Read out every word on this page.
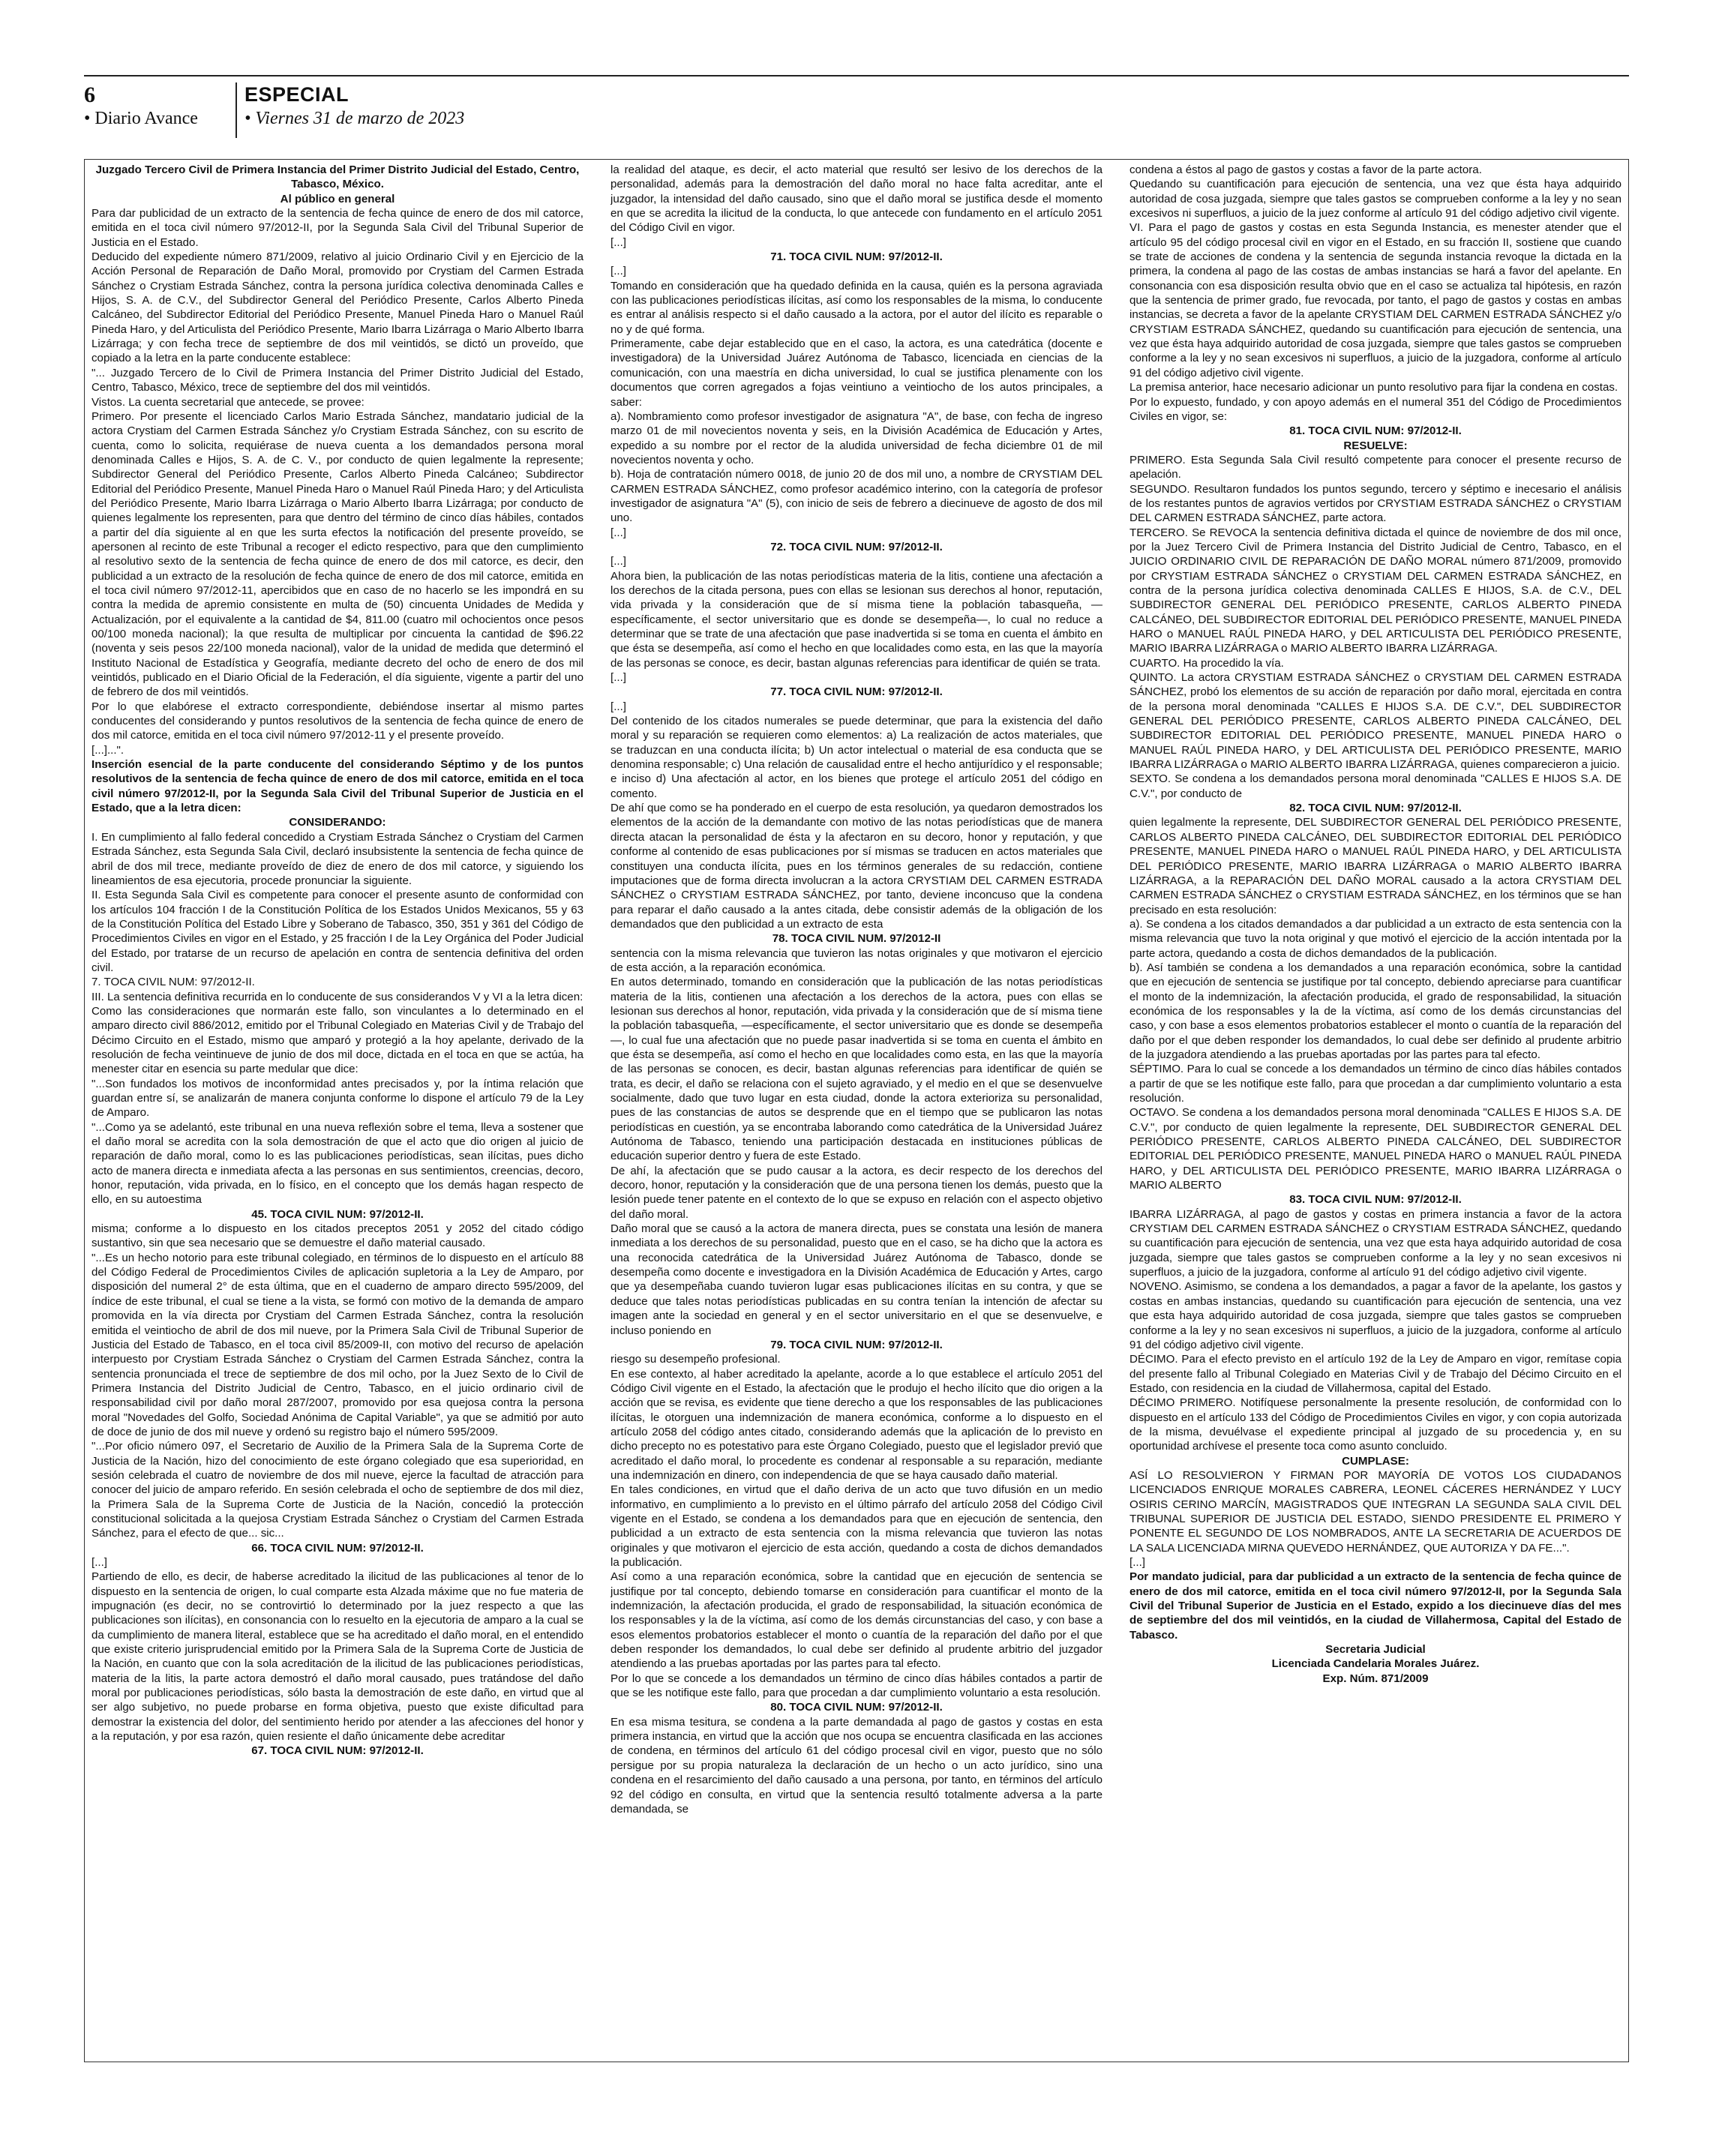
6
• Diario Avance
ESPECIAL
• Viernes 31 de marzo de 2023

Juzgado Tercero Civil de Primera Instancia del Primer Distrito Judicial del Estado, Centro, Tabasco, México.

Al público en general

Para dar publicidad de un extracto de la sentencia de fecha quince de enero de dos mil catorce, emitida en el toca civil número 97/2012-II, por la Segunda Sala Civil del Tribunal Superior de Justicia en el Estado.

Deducido del expediente número 871/2009, relativo al juicio Ordinario Civil y en Ejercicio de la Acción Personal de Reparación de Daño Moral, promovido por Crystiam del Carmen Estrada Sánchez o Crystiam Estrada Sánchez, contra la persona jurídica colectiva denominada Calles e Hijos, S. A. de C.V., del Subdirector General del Periódico Presente, Carlos Alberto Pineda Calcáneo, del Subdirector Editorial del Periódico Presente, Manuel Pineda Haro o Manuel Raúl Pineda Haro, y del Articulista del Periódico Presente, Mario Ibarra Lizárraga o Mario Alberto Ibarra Lizárraga; y con fecha trece de septiembre de dos mil veintidós, se dictó un proveído, que copiado a la letra en la parte conducente establece:

"... Juzgado Tercero de lo Civil de Primera Instancia del Primer Distrito Judicial del Estado, Centro, Tabasco, México, trece de septiembre del dos mil veintidós.

Vistos. La cuenta secretarial que antecede, se provee:

Primero. Por presente el licenciado Carlos Mario Estrada Sánchez, mandatario judicial de la actora Crystiam del Carmen Estrada Sánchez y/o Crystiam Estrada Sánchez, con su escrito de cuenta, como lo solicita, requiérase de nueva cuenta a los demandados persona moral denominada Calles e Hijos, S. A. de C. V., por conducto de quien legalmente la represente; Subdirector General del Periódico Presente, Carlos Alberto Pineda Calcáneo; Subdirector Editorial del Periódico Presente, Manuel Pineda Haro o Manuel Raúl Pineda Haro; y del Articulista del Periódico Presente, Mario Ibarra Lizárraga o Mario Alberto Ibarra Lizárraga; por conducto de quienes legalmente los representen, para que dentro del término de cinco días hábiles, contados a partir del día siguiente al en que les surta efectos la notificación del presente proveído, se apersonen al recinto de este Tribunal a recoger el edicto respectivo, para que den cumplimiento al resolutivo sexto de la sentencia de fecha quince de enero de dos mil catorce, es decir, den publicidad a un extracto de la resolución de fecha quince de enero de dos mil catorce, emitida en el toca civil número 97/2012-11, apercibidos que en caso de no hacerlo se les impondrá en su contra la medida de apremio consistente en multa de (50) cincuenta Unidades de Medida y Actualización, por el equivalente a la cantidad de $4, 811.00 (cuatro mil ochocientos once pesos 00/100 moneda nacional); la que resulta de multiplicar por cincuenta la cantidad de $96.22 (noventa y seis pesos 22/100 moneda nacional), valor de la unidad de medida que determinó el Instituto Nacional de Estadística y Geografía, mediante decreto del ocho de enero de dos mil veintidós, publicado en el Diario Oficial de la Federación, el día siguiente, vigente a partir del uno de febrero de dos mil veintidós.

Por lo que elabórese el extracto correspondiente, debiéndose insertar al mismo partes conducentes del considerando y puntos resolutivos de la sentencia de fecha quince de enero de dos mil catorce, emitida en el toca civil número 97/2012-11 y el presente proveído.

[...]...".

Inserción esencial de la parte conducente del considerando Séptimo y de los puntos resolutivos de la sentencia de fecha quince de enero de dos mil catorce, emitida en el toca civil número 97/2012-II, por la Segunda Sala Civil del Tribunal Superior de Justicia en el Estado, que a la letra dicen:

CONSIDERANDO:

I. En cumplimiento al fallo federal concedido a Crystiam Estrada Sánchez o Crystiam del Carmen Estrada Sánchez, esta Segunda Sala Civil, declaró insubsistente la sentencia de fecha quince de abril de dos mil trece, mediante proveído de diez de enero de dos mil catorce, y siguiendo los lineamientos de esa ejecutoria, procede pronunciar la siguiente.

II. Esta Segunda Sala Civil es competente para conocer el presente asunto de conformidad con los artículos 104 fracción I de la Constitución Política de los Estados Unidos Mexicanos, 55 y 63 de la Constitución Política del Estado Libre y Soberano de Tabasco, 350, 351 y 361 del Código de Procedimientos Civiles en vigor en el Estado, y 25 fracción I de la Ley Orgánica del Poder Judicial del Estado, por tratarse de un recurso de apelación en contra de sentencia definitiva del orden civil.

7. TOCA CIVIL NUM: 97/2012-II.

III. La sentencia definitiva recurrida en lo conducente de sus considerandos V y VI a la letra dicen:

Como las consideraciones que normarán este fallo, son vinculantes a lo determinado en el amparo directo civil 886/2012, emitido por el Tribunal Colegiado en Materias Civil y de Trabajo del Décimo Circuito en el Estado, mismo que amparó y protegió a la hoy apelante, derivado de la resolución de fecha veintinueve de junio de dos mil doce, dictada en el toca en que se actúa, ha menester citar en esencia su parte medular que dice:

"...Son fundados los motivos de inconformidad antes precisados y, por la íntima relación que guardan entre sí, se analizarán de manera conjunta conforme lo dispone el artículo 79 de la Ley de Amparo.

"...Como ya se adelantó, este tribunal en una nueva reflexión sobre el tema, lleva a sostener que el daño moral se acredita con la sola demostración de que el acto que dio origen al juicio de reparación de daño moral, como lo es las publicaciones periodísticas, sean ilícitas, pues dicho acto de manera directa e inmediata afecta a las personas en sus sentimientos, creencias, decoro, honor, reputación, vida privada, en lo físico, en el concepto que los demás hagan respecto de ello, en su autoestima

45. TOCA CIVIL NUM: 97/2012-II.

misma; conforme a lo dispuesto en los citados preceptos 2051 y 2052 del citado código sustantivo, sin que sea necesario que se demuestre el daño material causado.

"...Es un hecho notorio para este tribunal colegiado, en términos de lo dispuesto en el artículo 88 del Código Federal de Procedimientos Civiles de aplicación supletoria a la Ley de Amparo, por disposición del numeral 2° de esta última, que en el cuaderno de amparo directo 595/2009, del índice de este tribunal, el cual se tiene a la vista, se formó con motivo de la demanda de amparo promovida en la vía directa por Crystiam del Carmen Estrada Sánchez, contra la resolución emitida el veintiocho de abril de dos mil nueve, por la Primera Sala Civil de Tribunal Superior de Justicia del Estado de Tabasco, en el toca civil 85/2009-II, con motivo del recurso de apelación interpuesto por Crystiam Estrada Sánchez o Crystiam del Carmen Estrada Sánchez, contra la sentencia pronunciada el trece de septiembre de dos mil ocho, por la Juez Sexto de lo Civil de Primera Instancia del Distrito Judicial de Centro, Tabasco, en el juicio ordinario civil de responsabilidad civil por daño moral 287/2007, promovido por esa quejosa contra la persona moral "Novedades del Golfo, Sociedad Anónima de Capital Variable", ya que se admitió por auto de doce de junio de dos mil nueve y ordenó su registro bajo el número 595/2009.

"...Por oficio número 097, el Secretario de Auxilio de la Primera Sala de la Suprema Corte de Justicia de la Nación, hizo del conocimiento de este órgano colegiado que esa superioridad, en sesión celebrada el cuatro de noviembre de dos mil nueve, ejerce la facultad de atracción para conocer del juicio de amparo referido. En sesión celebrada el ocho de septiembre de dos mil diez, la Primera Sala de la Suprema Corte de Justicia de la Nación, concedió la protección constitucional solicitada a la quejosa Crystiam Estrada Sánchez o Crystiam del Carmen Estrada Sánchez, para el efecto de que... sic...

66. TOCA CIVIL NUM: 97/2012-II.

[...]

Partiendo de ello, es decir, de haberse acreditado la ilicitud de las publicaciones al tenor de lo dispuesto en la sentencia de origen, lo cual comparte esta Alzada máxime que no fue materia de impugnación (es decir, no se controvirtió lo determinado por la juez respecto a que las publicaciones son ilícitas), en consonancia con lo resuelto en la ejecutoria de amparo a la cual se da cumplimiento de manera literal, establece que se ha acreditado el daño moral, en el entendido que existe criterio jurisprudencial emitido por la Primera Sala de la Suprema Corte de Justicia de la Nación, en cuanto que con la sola acreditación de la ilicitud de las publicaciones periodísticas, materia de la litis, la parte actora demostró el daño moral causado, pues tratándose del daño moral por publicaciones periodísticas, sólo basta la demostración de este daño, en virtud que al ser algo subjetivo, no puede probarse en forma objetiva, puesto que existe dificultad para demostrar la existencia del dolor, del sentimiento herido por atender a las afecciones del honor y a la reputación, y por esa razón, quien resiente el daño únicamente debe acreditar

67. TOCA CIVIL NUM: 97/2012-II.

la realidad del ataque, es decir, el acto material que resultó ser lesivo de los derechos de la personalidad, además para la demostración del daño moral no hace falta acreditar, ante el juzgador, la intensidad del daño causado, sino que el daño moral se justifica desde el momento en que se acredita la ilicitud de la conducta, lo que antecede con fundamento en el artículo 2051 del Código Civil en vigor.

[...]

71. TOCA CIVIL NUM: 97/2012-II.

[...]

Tomando en consideración que ha quedado definida en la causa, quién es la persona agraviada con las publicaciones periodísticas ilícitas, así como los responsables de la misma, lo conducente es entrar al análisis respecto si el daño causado a la actora, por el autor del ilícito es reparable o no y de qué forma.

Primeramente, cabe dejar establecido que en el caso, la actora, es una catedrática (docente e investigadora) de la Universidad Juárez Autónoma de Tabasco, licenciada en ciencias de la comunicación, con una maestría en dicha universidad, lo cual se justifica plenamente con los documentos que corren agregados a fojas veintiuno a veintiocho de los autos principales, a saber:

a). Nombramiento como profesor investigador de asignatura "A", de base, con fecha de ingreso marzo 01 de mil novecientos noventa y seis, en la División Académica de Educación y Artes, expedido a su nombre por el rector de la aludida universidad de fecha diciembre 01 de mil novecientos noventa y ocho.

b). Hoja de contratación número 0018, de junio 20 de dos mil uno, a nombre de CRYSTIAM DEL CARMEN ESTRADA SÁNCHEZ, como profesor académico interino, con la categoría de profesor investigador de asignatura "A" (5), con inicio de seis de febrero a diecinueve de agosto de dos mil uno.

[...]

72. TOCA CIVIL NUM: 97/2012-II.

[...]

Ahora bien, la publicación de las notas periodísticas materia de la litis, contiene una afectación a los derechos de la citada persona, pues con ellas se lesionan sus derechos al honor, reputación, vida privada y la consideración que de sí misma tiene la población tabasqueña, —específicamente, el sector universitario que es donde se desempeña—, lo cual no reduce a determinar que se trate de una afectación que pase inadvertida si se toma en cuenta el ámbito en que ésta se desempeña, así como el hecho en que localidades como esta, en las que la mayoría de las personas se conoce, es decir, bastan algunas referencias para identificar de quién se trata.

[...]

77. TOCA CIVIL NUM: 97/2012-II.

[...]

Del contenido de los citados numerales se puede determinar, que para la existencia del daño moral y su reparación se requieren como elementos: a) La realización de actos materiales, que se traduzcan en una conducta ilícita; b) Un actor intelectual o material de esa conducta que se denomina responsable; c) Una relación de causalidad entre el hecho antijurídico y el responsable; e inciso d) Una afectación al actor, en los bienes que protege el artículo 2051 del código en comento.

De ahí que como se ha ponderado en el cuerpo de esta resolución, ya quedaron demostrados los elementos de la acción de la demandante con motivo de las notas periodísticas que de manera directa atacan la personalidad de ésta y la afectaron en su decoro, honor y reputación, y que conforme al contenido de esas publicaciones por sí mismas se traducen en actos materiales que constituyen una conducta ilícita, pues en los términos generales de su redacción, contiene imputaciones que de forma directa involucran a la actora CRYSTIAM DEL CARMEN ESTRADA SÁNCHEZ o CRYSTIAM ESTRADA SÁNCHEZ, por tanto, deviene inconcuso que la condena para reparar el daño causado a la antes citada, debe consistir además de la obligación de los demandados que den publicidad a un extracto de esta

78. TOCA CIVIL NUM. 97/2012-II

sentencia con la misma relevancia que tuvieron las notas originales y que motivaron el ejercicio de esta acción, a la reparación económica.

En autos determinado, tomando en consideración que la publicación de las notas periodísticas materia de la litis, contienen una afectación a los derechos de la actora, pues con ellas se lesionan sus derechos al honor, reputación, vida privada y la consideración que de sí misma tiene la población tabasqueña, —específicamente, el sector universitario que es donde se desempeña—, lo cual fue una afectación que no puede pasar inadvertida si se toma en cuenta el ámbito en que ésta se desempeña, así como el hecho en que localidades como esta, en las que la mayoría de las personas se conocen, es decir, bastan algunas referencias para identificar de quién se trata, es decir, el daño se relaciona con el sujeto agraviado, y el medio en el que se desenvuelve socialmente, dado que tuvo lugar en esta ciudad, donde la actora exterioriza su personalidad, pues de las constancias de autos se desprende que en el tiempo que se publicaron las notas periodísticas en cuestión, ya se encontraba laborando como catedrática de la Universidad Juárez Autónoma de Tabasco, teniendo una participación destacada en instituciones públicas de educación superior dentro y fuera de este Estado.

De ahí, la afectación que se pudo causar a la actora, es decir respecto de los derechos del decoro, honor, reputación y la consideración que de una persona tienen los demás, puesto que la lesión puede tener patente en el contexto de lo que se expuso en relación con el aspecto objetivo del daño moral.

Daño moral que se causó a la actora de manera directa, pues se constata una lesión de manera inmediata a los derechos de su personalidad, puesto que en el caso, se ha dicho que la actora es una reconocida catedrática de la Universidad Juárez Autónoma de Tabasco, donde se desempeña como docente e investigadora en la División Académica de Educación y Artes, cargo que ya desempeñaba cuando tuvieron lugar esas publicaciones ilícitas en su contra, y que se deduce que tales notas periodísticas publicadas en su contra tenían la intención de afectar su imagen ante la sociedad en general y en el sector universitario en el que se desenvuelve, e incluso poniendo en

79. TOCA CIVIL NUM: 97/2012-II.

riesgo su desempeño profesional.

En ese contexto, al haber acreditado la apelante, acorde a lo que establece el artículo 2051 del Código Civil vigente en el Estado, la afectación que le produjo el hecho ilícito que dio origen a la acción que se revisa, es evidente que tiene derecho a que los responsables de las publicaciones ilícitas, le otorguen una indemnización de manera económica, conforme a lo dispuesto en el artículo 2058 del código antes citado, considerando además que la aplicación de lo previsto en dicho precepto no es potestativo para este Órgano Colegiado, puesto que el legislador previó que acreditado el daño moral, lo procedente es condenar al responsable a su reparación, mediante una indemnización en dinero, con independencia de que se haya causado daño material.

En tales condiciones, en virtud que el daño deriva de un acto que tuvo difusión en un medio informativo, en cumplimiento a lo previsto en el último párrafo del artículo 2058 del Código Civil vigente en el Estado, se condena a los demandados para que en ejecución de sentencia, den publicidad a un extracto de esta sentencia con la misma relevancia que tuvieron las notas originales y que motivaron el ejercicio de esta acción, quedando a costa de dichos demandados la publicación.

Así como a una reparación económica, sobre la cantidad que en ejecución de sentencia se justifique por tal concepto, debiendo tomarse en consideración para cuantificar el monto de la indemnización, la afectación producida, el grado de responsabilidad, la situación económica de los responsables y la de la víctima, así como de los demás circunstancias del caso, y con base a esos elementos probatorios establecer el monto o cuantía de la reparación del daño por el que deben responder los demandados, lo cual debe ser definido al prudente arbitrio del juzgador atendiendo a las pruebas aportadas por las partes para tal efecto.

Por lo que se concede a los demandados un término de cinco días hábiles contados a partir de que se les notifique este fallo, para que procedan a dar cumplimiento voluntario a esta resolución.

80. TOCA CIVIL NUM: 97/2012-II.

En esa misma tesitura, se condena a la parte demandada al pago de gastos y costas en esta primera instancia, en virtud que la acción que nos ocupa se encuentra clasificada en las acciones de condena, en términos del artículo 61 del código procesal civil en vigor, puesto que no sólo persigue por su propia naturaleza la declaración de un hecho o un acto jurídico, sino una condena en el resarcimiento del daño causado a una persona, por tanto, en términos del artículo 92 del código en consulta, en virtud que la sentencia resultó totalmente adversa a la parte demandada, se

condena a éstos al pago de gastos y costas a favor de la parte actora.

Quedando su cuantificación para ejecución de sentencia, una vez que ésta haya adquirido autoridad de cosa juzgada, siempre que tales gastos se comprueben conforme a la ley y no sean excesivos ni superfluos, a juicio de la juez conforme al artículo 91 del código adjetivo civil vigente.

VI. Para el pago de gastos y costas en esta Segunda Instancia, es menester atender que el artículo 95 del código procesal civil en vigor en el Estado, en su fracción II, sostiene que cuando se trate de acciones de condena y la sentencia de segunda instancia revoque la dictada en la primera, la condena al pago de las costas de ambas instancias se hará a favor del apelante. En consonancia con esa disposición resulta obvio que en el caso se actualiza tal hipótesis, en razón que la sentencia de primer grado, fue revocada, por tanto, el pago de gastos y costas en ambas instancias, se decreta a favor de la apelante CRYSTIAM DEL CARMEN ESTRADA SÁNCHEZ y/o CRYSTIAM ESTRADA SÁNCHEZ, quedando su cuantificación para ejecución de sentencia, una vez que ésta haya adquirido autoridad de cosa juzgada, siempre que tales gastos se comprueben conforme a la ley y no sean excesivos ni superfluos, a juicio de la juzgadora, conforme al artículo 91 del código adjetivo civil vigente.

La premisa anterior, hace necesario adicionar un punto resolutivo para fijar la condena en costas.

Por lo expuesto, fundado, y con apoyo además en el numeral 351 del Código de Procedimientos Civiles en vigor, se:

81. TOCA CIVIL NUM: 97/2012-II.

RESUELVE:

PRIMERO. Esta Segunda Sala Civil resultó competente para conocer el presente recurso de apelación.

SEGUNDO. Resultaron fundados los puntos segundo, tercero y séptimo e inecesario el análisis de los restantes puntos de agravios vertidos por CRYSTIAM ESTRADA SÁNCHEZ o CRYSTIAM DEL CARMEN ESTRADA SÁNCHEZ, parte actora.

TERCERO. Se REVOCA la sentencia definitiva dictada el quince de noviembre de dos mil once, por la Juez Tercero Civil de Primera Instancia del Distrito Judicial de Centro, Tabasco, en el JUICIO ORDINARIO CIVIL DE REPARACIÓN DE DAÑO MORAL número 871/2009, promovido por CRYSTIAM ESTRADA SÁNCHEZ o CRYSTIAM DEL CARMEN ESTRADA SÁNCHEZ, en contra de la persona jurídica colectiva denominada CALLES E HIJOS, S.A. de C.V., DEL SUBDIRECTOR GENERAL DEL PERIÓDICO PRESENTE, CARLOS ALBERTO PINEDA CALCÁNEO, DEL SUBDIRECTOR EDITORIAL DEL PERIÓDICO PRESENTE, MANUEL PINEDA HARO o MANUEL RAÚL PINEDA HARO, y DEL ARTICULISTA DEL PERIÓDICO PRESENTE, MARIO IBARRA LIZÁRRAGA o MARIO ALBERTO IBARRA LIZÁRRAGA.

CUARTO. Ha procedido la vía.

QUINTO. La actora CRYSTIAM ESTRADA SÁNCHEZ o CRYSTIAM DEL CARMEN ESTRADA SÁNCHEZ, probó los elementos de su acción de reparación por daño moral, ejercitada en contra de la persona moral denominada "CALLES E HIJOS S.A. DE C.V.", DEL SUBDIRECTOR GENERAL DEL PERIÓDICO PRESENTE, CARLOS ALBERTO PINEDA CALCÁNEO, DEL SUBDIRECTOR EDITORIAL DEL PERIÓDICO PRESENTE, MANUEL PINEDA HARO o MANUEL RAÚL PINEDA HARO, y DEL ARTICULISTA DEL PERIÓDICO PRESENTE, MARIO IBARRA LIZÁRRAGA o MARIO ALBERTO IBARRA LIZÁRRAGA, quienes comparecieron a juicio.

SEXTO. Se condena a los demandados persona moral denominada "CALLES E HIJOS S.A. DE C.V.", por conducto de

82. TOCA CIVIL NUM: 97/2012-II.

quien legalmente la represente, DEL SUBDIRECTOR GENERAL DEL PERIÓDICO PRESENTE, CARLOS ALBERTO PINEDA CALCÁNEO, DEL SUBDIRECTOR EDITORIAL DEL PERIÓDICO PRESENTE, MANUEL PINEDA HARO o MANUEL RAÚL PINEDA HARO, y DEL ARTICULISTA DEL PERIÓDICO PRESENTE, MARIO IBARRA LIZÁRRAGA o MARIO ALBERTO IBARRA LIZÁRRAGA, a la REPARACIÓN DEL DAÑO MORAL causado a la actora CRYSTIAM DEL CARMEN ESTRADA SÁNCHEZ o CRYSTIAM ESTRADA SÁNCHEZ, en los términos que se han precisado en esta resolución:

a). Se condena a los citados demandados a dar publicidad a un extracto de esta sentencia con la misma relevancia que tuvo la nota original y que motivó el ejercicio de la acción intentada por la parte actora, quedando a costa de dichos demandados de la publicación.

b). Así también se condena a los demandados a una reparación económica, sobre la cantidad que en ejecución de sentencia se justifique por tal concepto, debiendo apreciarse para cuantificar el monto de la indemnización, la afectación producida, el grado de responsabilidad, la situación económica de los responsables y la de la víctima, así como de los demás circunstancias del caso, y con base a esos elementos probatorios establecer el monto o cuantía de la reparación del daño por el que deben responder los demandados, lo cual debe ser definido al prudente arbitrio de la juzgadora atendiendo a las pruebas aportadas por las partes para tal efecto.

SÉPTIMO. Para lo cual se concede a los demandados un término de cinco días hábiles contados a partir de que se les notifique este fallo, para que procedan a dar cumplimiento voluntario a esta resolución.

OCTAVO. Se condena a los demandados persona moral denominada "CALLES E HIJOS S.A. DE C.V.", por conducto de quien legalmente la represente, DEL SUBDIRECTOR GENERAL DEL PERIÓDICO PRESENTE, CARLOS ALBERTO PINEDA CALCÁNEO, DEL SUBDIRECTOR EDITORIAL DEL PERIÓDICO PRESENTE, MANUEL PINEDA HARO o MANUEL RAÚL PINEDA HARO, y DEL ARTICULISTA DEL PERIÓDICO PRESENTE, MARIO IBARRA LIZÁRRAGA o MARIO ALBERTO

83. TOCA CIVIL NUM: 97/2012-II.

IBARRA LIZÁRRAGA, al pago de gastos y costas en primera instancia a favor de la actora CRYSTIAM DEL CARMEN ESTRADA SÁNCHEZ o CRYSTIAM ESTRADA SÁNCHEZ, quedando su cuantificación para ejecución de sentencia, una vez que esta haya adquirido autoridad de cosa juzgada, siempre que tales gastos se comprueben conforme a la ley y no sean excesivos ni superfluos, a juicio de la juzgadora, conforme al artículo 91 del código adjetivo civil vigente.

NOVENO. Asimismo, se condena a los demandados, a pagar a favor de la apelante, los gastos y costas en ambas instancias, quedando su cuantificación para ejecución de sentencia, una vez que esta haya adquirido autoridad de cosa juzgada, siempre que tales gastos se comprueben conforme a la ley y no sean excesivos ni superfluos, a juicio de la juzgadora, conforme al artículo 91 del código adjetivo civil vigente.

DÉCIMO. Para el efecto previsto en el artículo 192 de la Ley de Amparo en vigor, remítase copia del presente fallo al Tribunal Colegiado en Materias Civil y de Trabajo del Décimo Circuito en el Estado, con residencia en la ciudad de Villahermosa, capital del Estado.

DÉCIMO PRIMERO. Notifíquese personalmente la presente resolución, de conformidad con lo dispuesto en el artículo 133 del Código de Procedimientos Civiles en vigor, y con copia autorizada de la misma, devuélvase el expediente principal al juzgado de su procedencia y, en su oportunidad archívese el presente toca como asunto concluido.

CUMPLASE:

ASÍ LO RESOLVIERON Y FIRMAN POR MAYORÍA DE VOTOS LOS CIUDADANOS LICENCIADOS ENRIQUE MORALES CABRERA, LEONEL CÁCERES HERNÁNDEZ Y LUCY OSIRIS CERINO MARCÍN, MAGISTRADOS QUE INTEGRAN LA SEGUNDA SALA CIVIL DEL TRIBUNAL SUPERIOR DE JUSTICIA DEL ESTADO, SIENDO PRESIDENTE EL PRIMERO Y PONENTE EL SEGUNDO DE LOS NOMBRADOS, ANTE LA SECRETARIA DE ACUERDOS DE LA SALA LICENCIADA MIRNA QUEVEDO HERNÁNDEZ, QUE AUTORIZA Y DA FE...".

[...]

Por mandato judicial, para dar publicidad a un extracto de la sentencia de fecha quince de enero de dos mil catorce, emitida en el toca civil número 97/2012-II, por la Segunda Sala Civil del Tribunal Superior de Justicia en el Estado, expido a los diecinueve días del mes de septiembre del dos mil veintidós, en la ciudad de Villahermosa, Capital del Estado de Tabasco.

Secretaria Judicial

Licenciada Candelaria Morales Juárez.

Exp. Núm. 871/2009
